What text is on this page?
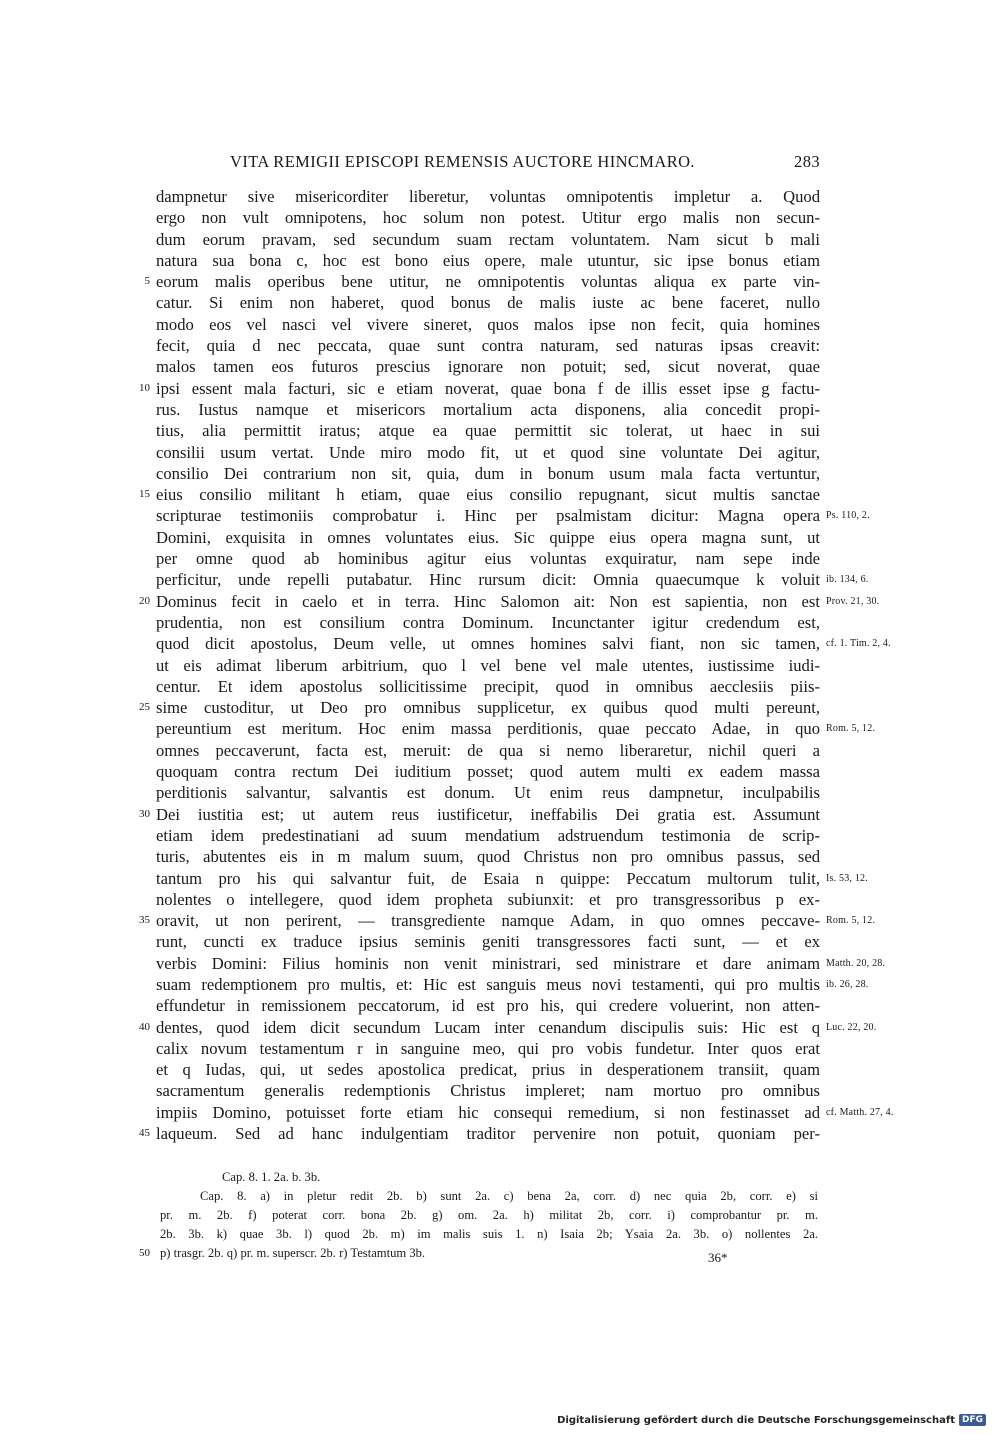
VITA REMIGII EPISCOPI REMENSIS AUCTORE HINCMARO.	283
dampnetur sive misericorditer liberetur, voluntas omnipotentis impletur a. Quod
ergo non vult omnipotens, hoc solum non potest. Utitur ergo malis non secun-
dum eorum pravam, sed secundum suam rectam voluntatem. Nam sicut b mali
natura sua bona c, hoc est bono eius opere, male utuntur, sic ipse bonus etiam
5 eorum malis operibus bene utitur, ne omnipotentis voluntas aliqua ex parte vin-
catur. Si enim non haberet, quod bonus de malis iuste ac bene faceret, nullo
modo eos vel nasci vel vivere sineret, quos malos ipse non fecit, quia homines
fecit, quia d nec peccata, quae sunt contra naturam, sed naturas ipsas creavit:
malos tamen eos futuros prescius ignorare non potuit; sed, sicut noverat, quae
10 ipsi essent mala facturi, sic e etiam noverat, quae bona f de illis esset ipse g factu-
rus. Iustus namque et misericors mortalium acta disponens, alia concedit propi-
tius, alia permittit iratus; atque ea quae permittit sic tolerat, ut haec in sui
consilii usum vertat. Unde miro modo fit, ut et quod sine voluntate Dei agitur,
consilio Dei contrarium non sit, quia, dum in bonum usum mala facta vertuntur,
15 eius consilio militant h etiam, quae eius consilio repugnant, sicut multis sanctae
scripturae testimoniis comprobatur i. Hinc per psalmistam dicitur: Magna opera Ps. 110, 2.
Domini, exquisita in omnes voluntates eius. Sic quippe eius opera magna sunt, ut
per omne quod ab hominibus agitur eius voluntas exquiratur, nam sepe inde
perficitur, unde repelli putabatur. Hinc rursum dicit: Omnia quaecumque k voluit ib. 134, 6.
20 Dominus fecit in caelo et in terra. Hinc Salomon ait: Non est sapientia, non est Prov. 21, 30.
prudentia, non est consilium contra Dominum. Incunctanter igitur credendum est,
quod dicit apostolus, Deum velle, ut omnes homines salvi fiant, non sic tamen, cf. 1. Tim. 2, 4.
ut eis adimat liberum arbitrium, quo l vel bene vel male utentes, iustissime iudi-
centur. Et idem apostolus sollicitissime precipit, quod in omnibus aecclesiis piis-
25 sime custoditur, ut Deo pro omnibus supplicetur, ex quibus quod multi pereunt,
pereuntium est meritum. Hoc enim massa perditionis, quae peccato Adae, in quo Rom. 5, 12.
omnes peccaverunt, facta est, meruit: de qua si nemo liberaretur, nichil queri a
quoquam contra rectum Dei iuditium posset; quod autem multi ex eadem massa
perditionis salvantur, salvantis est donum. Ut enim reus dampnetur, inculpabilis
30 Dei iustitia est; ut autem reus iustificetur, ineffabilis Dei gratia est. Assumunt
etiam idem predestinatiani ad suum mendatium adstruendum testimonia de scrip-
turis, abutentes eis in m malum suum, quod Christus non pro omnibus passus, sed
tantum pro his qui salvantur fuit, de Esaia n quippe: Peccatum multorum tulit, Is. 53, 12.
nolentes o intellegere, quod idem propheta subiunxit: et pro transgressoribus p ex-
35 oravit, ut non perirent, — transgrediente namque Adam, in quo omnes peccave- Rom. 5, 12.
runt, cuncti ex traduce ipsius seminis geniti transgressores facti sunt, — et ex
verbis Domini: Filius hominis non venit ministrari, sed ministrare et dare animam Matth. 20, 28.
suam redemptionem pro multis, et: Hic est sanguis meus novi testamenti, qui pro multis ib. 26, 28.
effundetur in remissionem peccatorum, id est pro his, qui credere voluerint, non atten-
40 dentes, quod idem dicit secundum Lucam inter cenandum discipulis suis: Hic est q Luc. 22, 20.
calix novum testamentum r in sanguine meo, qui pro vobis fundetur. Inter quos erat
et q Iudas, qui, ut sedes apostolica predicat, prius in desperationem transiit, quam
sacramentum generalis redemptionis Christus impleret; nam mortuo pro omnibus
impiis Domino, potuisset forte etiam hic consequi remedium, si non festinasset ad cf. Matth. 27, 4.
45 laqueum. Sed ad hanc indulgentiam traditor pervenire non potuit, quoniam per-
Cap. 8. 1. 2a. b. 3b.
Cap. 8. a) in pletur redit 2b. b) sunt 2a. c) bena 2a, corr. d) nec quia 2b, corr. e) si
pr. m. 2b. f) poterat corr. bona 2b. g) om. 2a. h) militat 2b, corr. i) comprobantur pr. m.
2b. 3b. k) quae 3b. l) quod 2b. m) im malis suis 1. n) Isaia 2b; Ysaia 2a. 3b. o) nollentes 2a.
50 p) trasgr. 2b. q) pr. m. superscr. 2b. r) Testamtum 3b.	36*
Digitalisierung gefördert durch die Deutsche Forschungsgemeinschaft DFG
